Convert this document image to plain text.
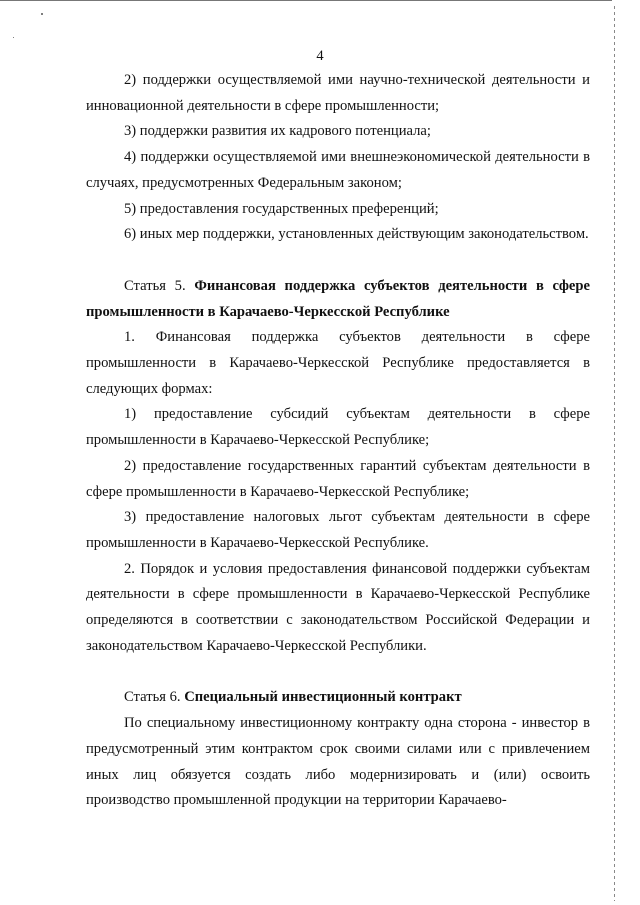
4

2) поддержки осуществляемой ими научно-технической деятельности и инновационной деятельности в сфере промышленности;

3) поддержки развития их кадрового потенциала;

4) поддержки осуществляемой ими внешнеэкономической деятельности в случаях, предусмотренных Федеральным законом;

5) предоставления государственных преференций;

6) иных мер поддержки, установленных действующим законодательством.

Статья 5. Финансовая поддержка субъектов деятельности в сфере промышленности в Карачаево-Черкесской Республике

1. Финансовая поддержка субъектов деятельности в сфере промышленности в Карачаево-Черкесской Республике предоставляется в следующих формах:

1) предоставление субсидий субъектам деятельности в сфере промышленности в Карачаево-Черкесской Республике;

2) предоставление государственных гарантий субъектам деятельности в сфере промышленности в Карачаево-Черкесской Республике;

3) предоставление налоговых льгот субъектам деятельности в сфере промышленности в Карачаево-Черкесской Республике.

2. Порядок и условия предоставления финансовой поддержки субъектам деятельности в сфере промышленности в Карачаево-Черкесской Республике определяются в соответствии с законодательством Российской Федерации и законодательством Карачаево-Черкесской Республики.

Статья 6. Специальный инвестиционный контракт

По специальному инвестиционному контракту одна сторона - инвестор в предусмотренный этим контрактом срок своими силами или с привлечением иных лиц обязуется создать либо модернизировать и (или) освоить производство промышленной продукции на территории Карачаево-
